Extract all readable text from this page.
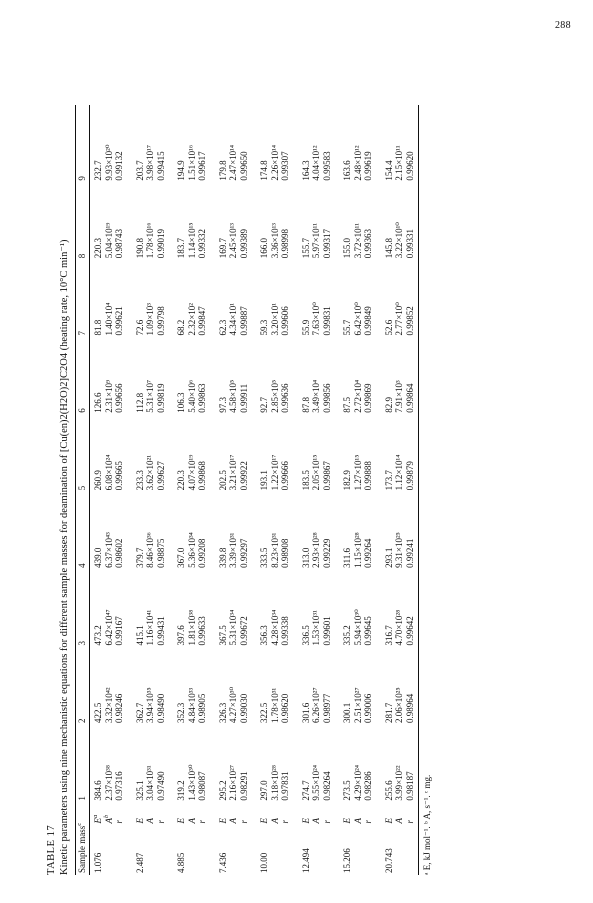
288
TABLE 17 Kinetic parameters using nine mechanistic equations for different sample masses for deamination of [Cu(en)2(H2O)2]C2O4 (heating rate, 10°C min⁻¹) Sample mass$^c$		1	2	3	4	5	6	7	8	9
1.076	$E^a$	384.6	422.5	473.2	439.0	260.9	126.6	81.8	220.3	232.7
	$A^b$	2.37×10³⁸	3.32×10⁴²	6.42×10⁴⁷	6.37×10⁴³	6.08×10²⁴	2.31×10⁹	1.40×10⁴	5.04×10¹⁹	9.93×10²⁰
	r	0.97316	0.98246	0.99167	0.98602	0.99665	0.99656	0.99621	0.98743	0.99132
2.487	E	325.1	362.7	415.1	379.7	233.3	112.8	72.6	190.8	203.7
	A	3.04×10³¹	3.94×10³⁵	1.16×10⁴¹	8.46×10³⁶	3.62×10²¹	5.31×10⁷	1.09×10³	1.78×10¹⁶	3.98×10¹⁷
	r	0.97490	0.98490	0.99431	0.98875	0.99627	0.99819	0.99798	0.99019	0.99415
4.885	E	319.2	352.3	397.6	367.0	220.3	106.3	68.2	183.7	194.9
	A	1.43×10³⁰	4.84×10³³	1.81×10³⁸	5.36×10³⁴	4.07×10¹⁹	5.40×10⁶	2.32×10²	1.14×10¹⁵	1.51×10¹⁶
	r	0.98087	0.98905	0.99633	0.99208	0.99868	0.99863	0.99847	0.99332	0.99617
7.436	E	295.2	326.3	367.5	339.8	202.5	97.3	62.3	169.7	179.8
	A	2.16×10²⁷	4.27×10³⁰	5.31×10³⁴	3.39×10³¹	3.21×10¹⁷	4.58×10⁵	4.34×10¹	2.45×10¹³	2.47×10¹⁴
	r	0.98291	0.99030	0.99672	0.99297	0.99922	0.99911	0.99887	0.99389	0.99650
10.00	E	297.0	322.5	356.3	333.5	193.1	92.7	59.3	166.0	174.8
	A	3.18×10²⁸	1.78×10³¹	4.28×10³⁴	8.23×10³¹	1.22×10¹⁷	2.85×10⁵	3.20×10¹	3.36×10¹³	2.26×10¹⁴
	r	0.97831	0.98620	0.99338	0.98908	0.99666	0.99636	0.99606	0.98998	0.99307
12.494	E	274.7	301.6	336.5	313.0	183.5	87.8	55.9	155.7	164.3
	A	9.55×10²⁴	6.26×10²⁷	1.53×10³¹	2.93×10²⁸	2.05×10¹⁵	3.49×10⁴	7.63×10⁰	5.97×10¹¹	4.04×10¹²
	r	0.98264	0.98977	0.99601	0.99229	0.99867	0.99856	0.99831	0.99317	0.99583
15.206	E	273.5	300.1	335.2	311.6	182.9	87.5	55.7	155.0	163.6
	A	4.29×10²⁴	2.51×10²⁷	5.94×10³⁰	1.15×10²⁸	1.27×10¹⁵	2.72×10⁴	6.42×10⁰	3.72×10¹¹	2.48×10¹²
	r	0.98286	0.99006	0.99645	0.99264	0.99888	0.99869	0.99849	0.99363	0.99619
20.743	E	255.6	281.7	316.7	293.1	173.7	82.9	52.6	145.8	154.4
	A	3.99×10²²	2.06×10²⁵	4.70×10²⁸	9.31×10²⁵	1.12×10¹⁴	7.91×10³	2.77×10⁰	3.22×10¹⁰	2.15×10¹¹
	r	0.98187	0.98964	0.99642	0.99241	0.99879	0.99864	0.99852	0.99331	0.99620
ᵃ E, kJ mol⁻¹. ᵇ A, s⁻¹. ᶜ mg.
